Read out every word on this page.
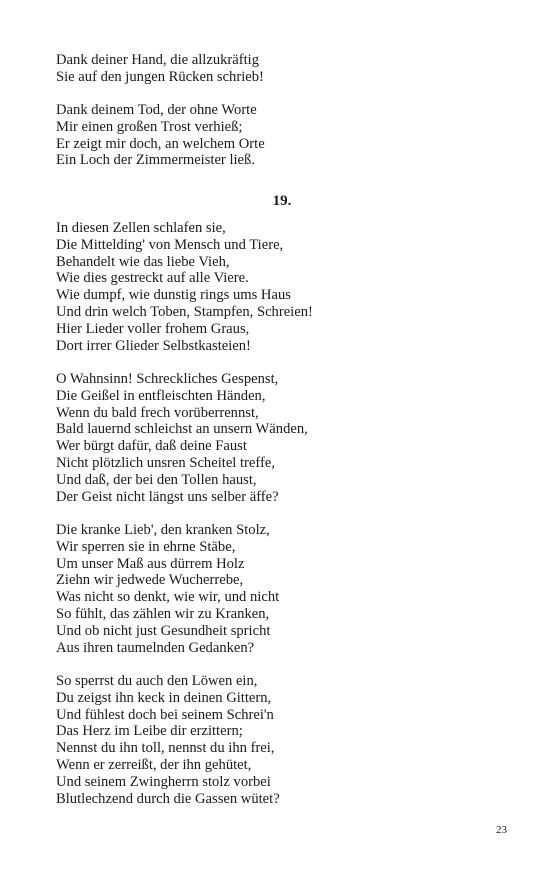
Dank deiner Hand, die allzukräftig
Sie auf den jungen Rücken schrieb!
Dank deinem Tod, der ohne Worte
Mir einen großen Trost verhieß;
Er zeigt mir doch, an welchem Orte
Ein Loch der Zimmermeister ließ.
19.
In diesen Zellen schlafen sie,
Die Mittelding' von Mensch und Tiere,
Behandelt wie das liebe Vieh,
Wie dies gestreckt auf alle Viere.
Wie dumpf, wie dunstig rings ums Haus
Und drin welch Toben, Stampfen, Schreien!
Hier Lieder voller frohem Graus,
Dort irrer Glieder Selbstkasteien!
O Wahnsinn! Schreckliches Gespenst,
Die Geißel in entfleischten Händen,
Wenn du bald frech vorüberrennst,
Bald lauernd schleichst an unsern Wänden,
Wer bürgt dafür, daß deine Faust
Nicht plötzlich unsren Scheitel treffe,
Und daß, der bei den Tollen haust,
Der Geist nicht längst uns selber äffe?
Die kranke Lieb', den kranken Stolz,
Wir sperren sie in ehrne Stäbe,
Um unser Maß aus dürrem Holz
Ziehn wir jedwede Wucherrebe,
Was nicht so denkt, wie wir, und nicht
So fühlt, das zählen wir zu Kranken,
Und ob nicht just Gesundheit spricht
Aus ihren taumelnden Gedanken?
So sperrst du auch den Löwen ein,
Du zeigst ihn keck in deinen Gittern,
Und fühlest doch bei seinem Schrei'n
Das Herz im Leibe dir erzittern;
Nennst du ihn toll, nennst du ihn frei,
Wenn er zerreißt, der ihn gehütet,
Und seinem Zwingherrn stolz vorbei
Blutlechzend durch die Gassen wütet?
23
